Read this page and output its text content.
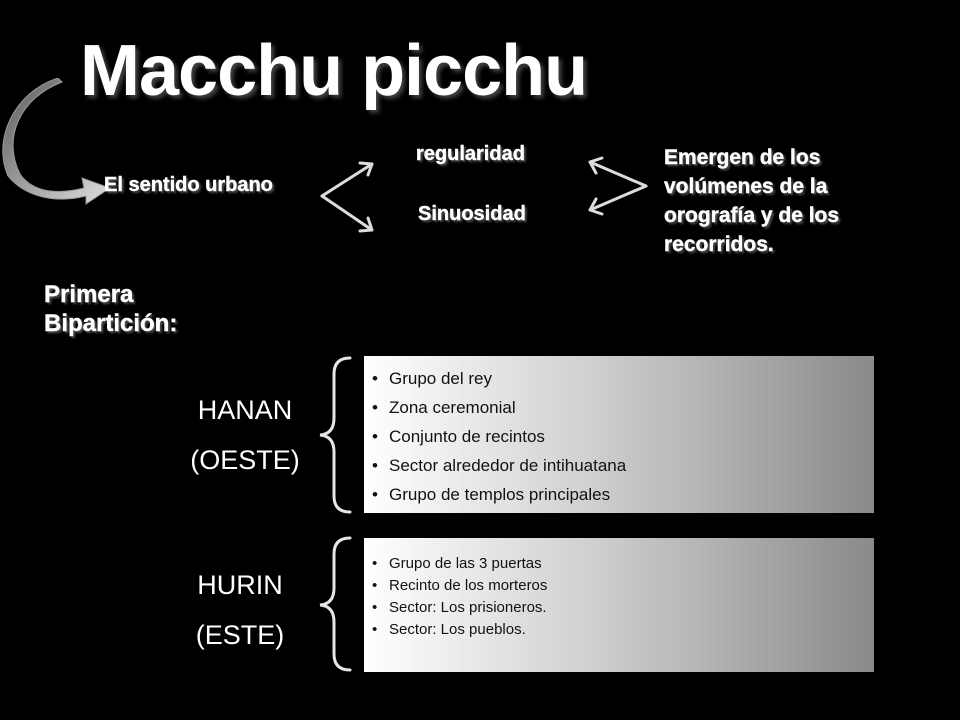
Macchu picchu
El sentido urbano
regularidad
Sinuosidad
Emergen de los
volúmenes de la
orografía y de los
recorridos.
Primera
Bipartición:
HANAN
(OESTE)
• Grupo del rey
• Zona ceremonial
• Conjunto de recintos
• Sector alrededor de intihuatana
• Grupo de templos principales
HURIN
(ESTE)
• Grupo de las 3 puertas
• Recinto de los morteros
• Sector: Los prisioneros.
• Sector: Los pueblos.
